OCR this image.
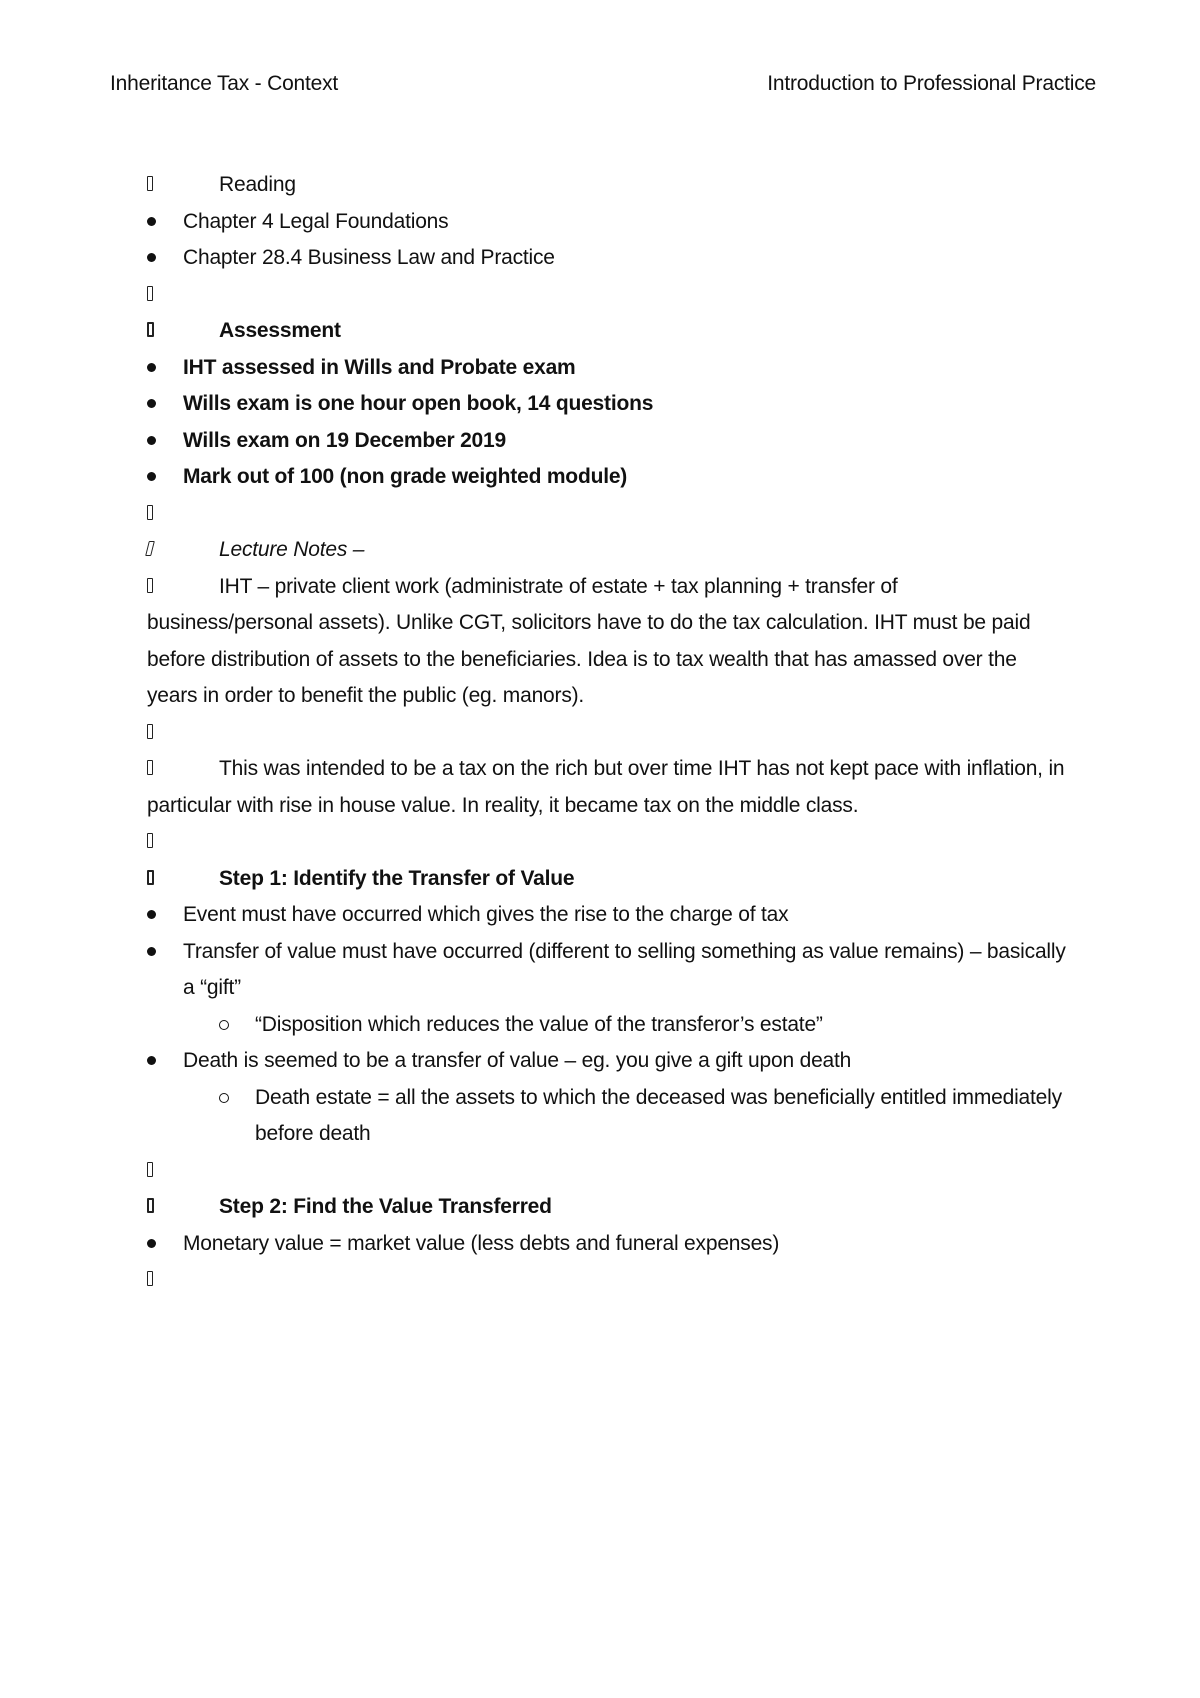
Inheritance Tax - Context	Introduction to Professional Practice
Reading
Chapter 4 Legal Foundations
Chapter 28.4 Business Law and Practice
Assessment
IHT assessed in Wills and Probate exam
Wills exam is one hour open book, 14 questions
Wills exam on 19 December 2019
Mark out of 100 (non grade weighted module)
Lecture Notes –
IHT – private client work (administrate of estate + tax planning + transfer of business/personal assets). Unlike CGT, solicitors have to do the tax calculation. IHT must be paid before distribution of assets to the beneficiaries. Idea is to tax wealth that has amassed over the years in order to benefit the public (eg. manors).
This was intended to be a tax on the rich but over time IHT has not kept pace with inflation, in particular with rise in house value. In reality, it became tax on the middle class.
Step 1: Identify the Transfer of Value
Event must have occurred which gives the rise to the charge of tax
Transfer of value must have occurred (different to selling something as value remains) – basically a “gift”
“Disposition which reduces the value of the transferor’s estate”
Death is seemed to be a transfer of value – eg. you give a gift upon death
Death estate = all the assets to which the deceased was beneficially entitled immediately before death
Step 2: Find the Value Transferred
Monetary value = market value (less debts and funeral expenses)
